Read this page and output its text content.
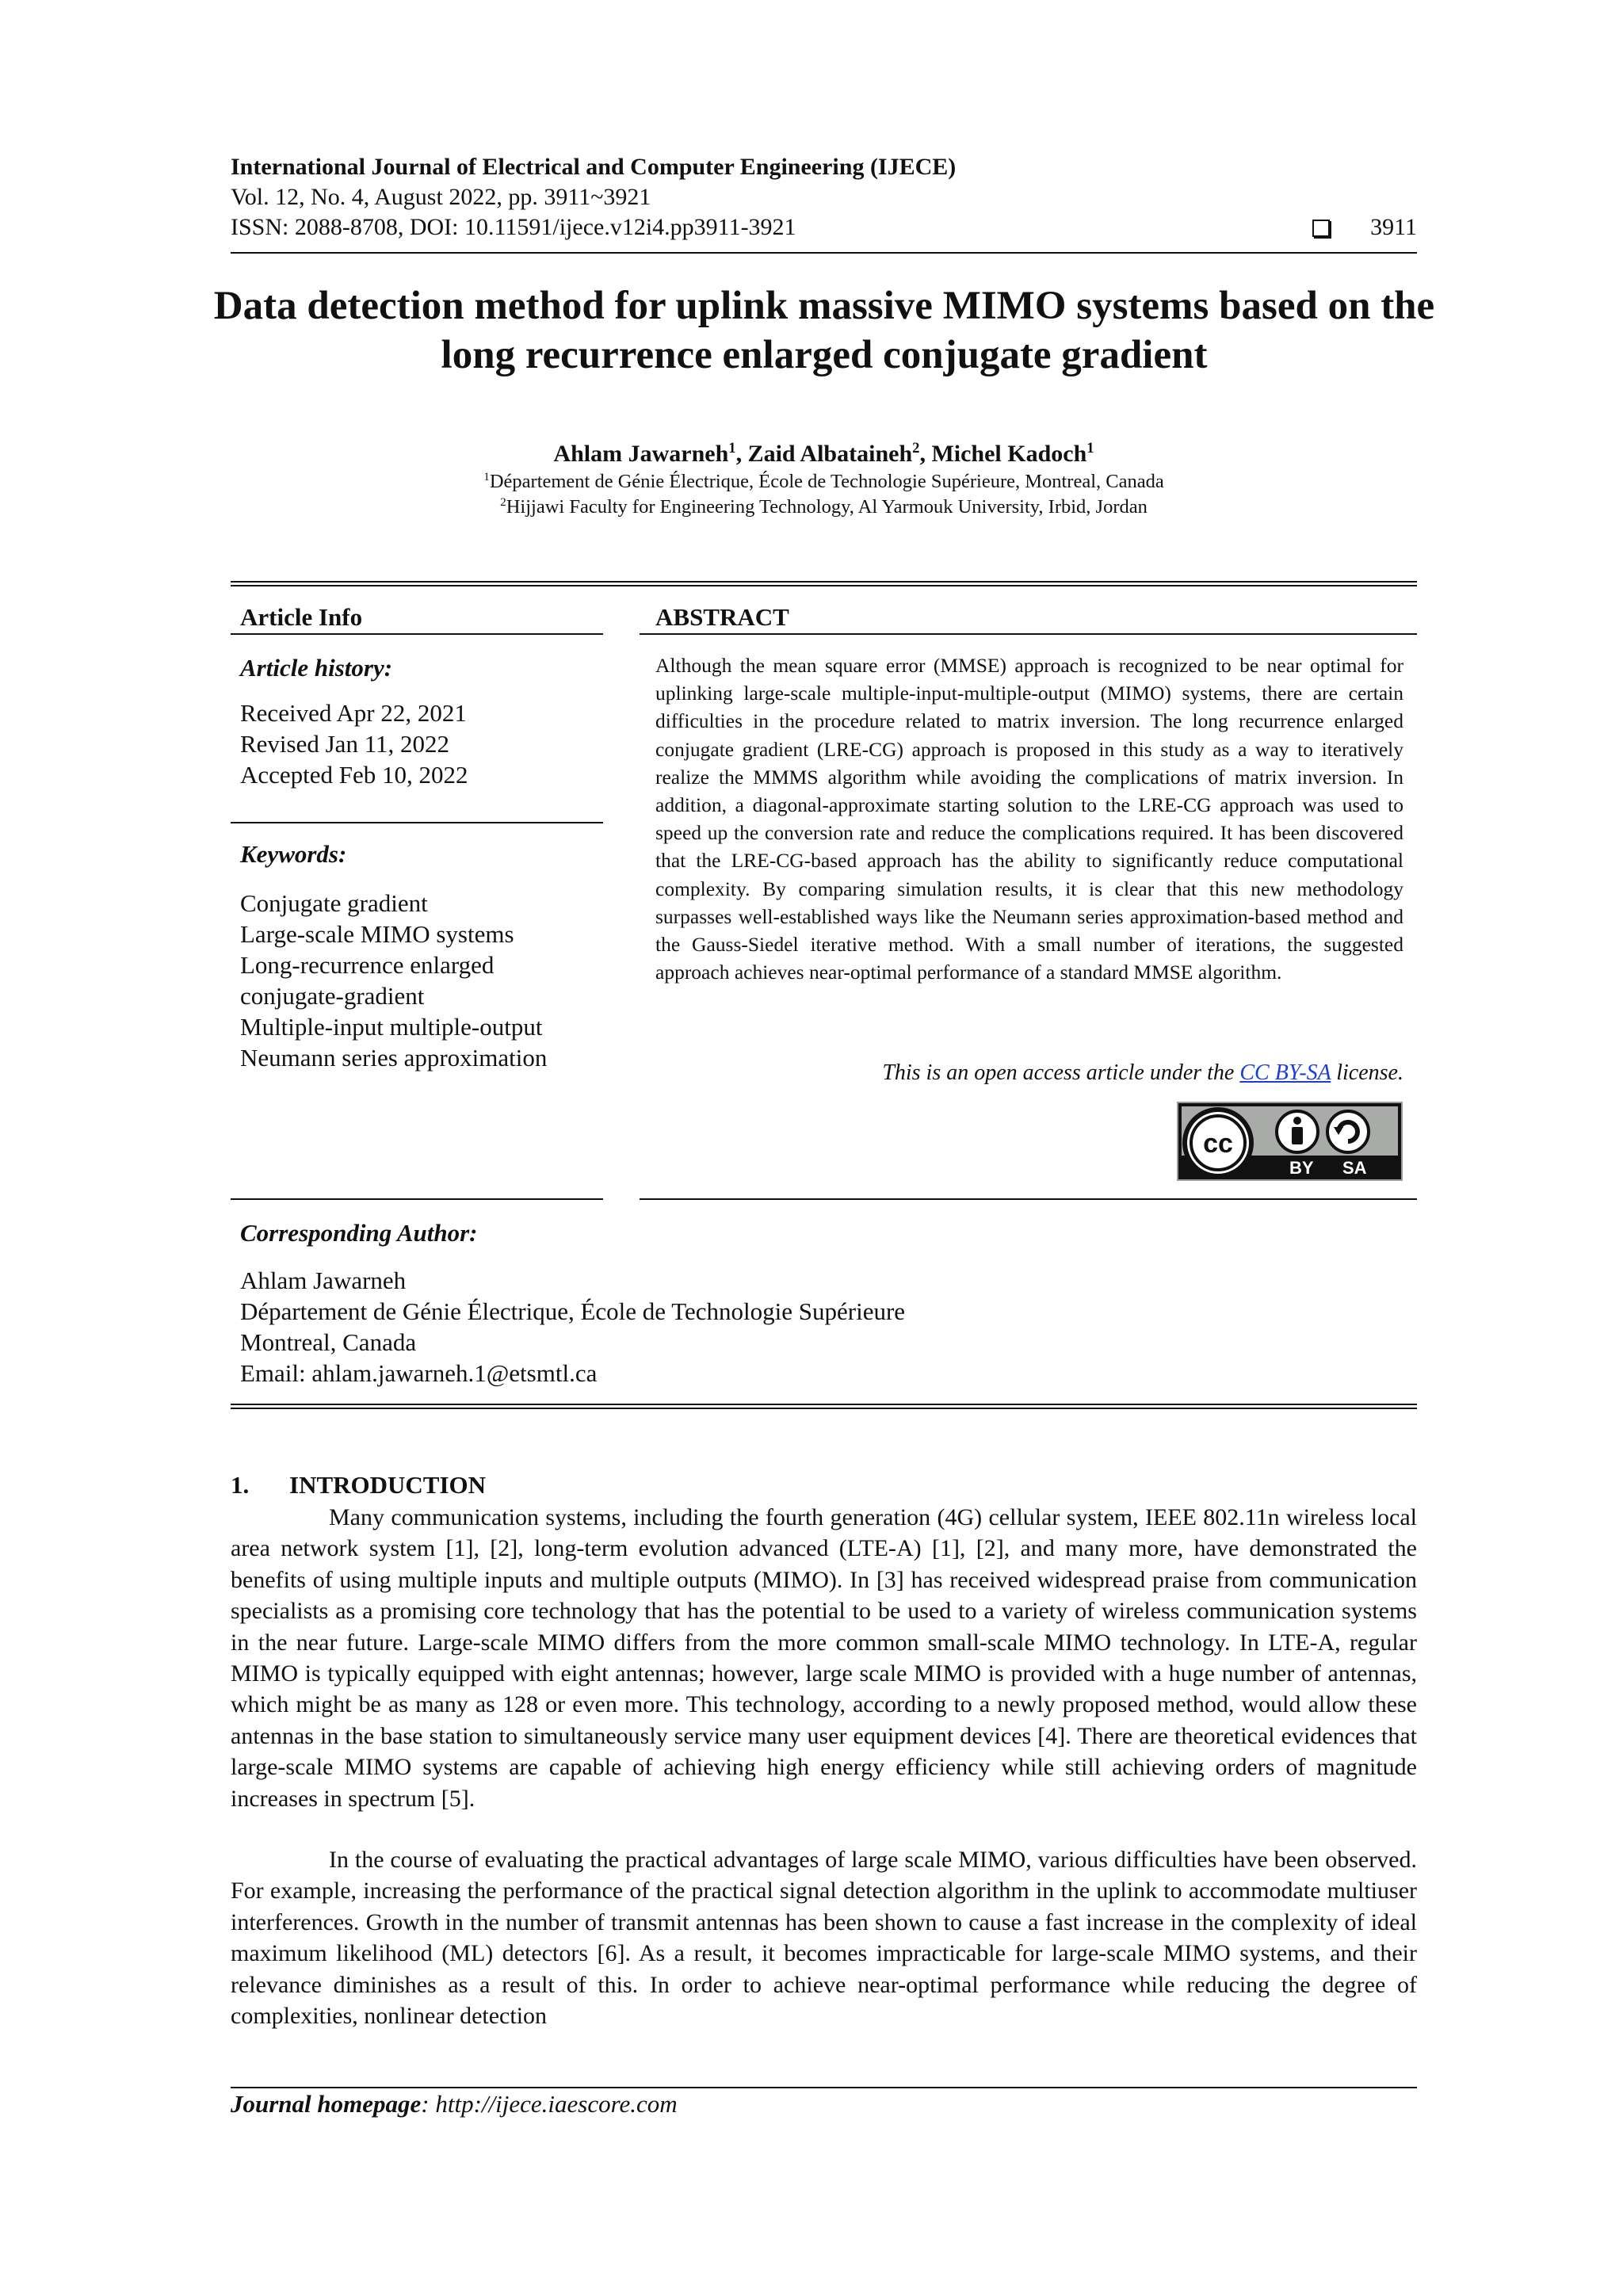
International Journal of Electrical and Computer Engineering (IJECE)
Vol. 12, No. 4, August 2022, pp. 3911~3921
ISSN: 2088-8708, DOI: 10.11591/ijece.v12i4.pp3911-3921	3911
Data detection method for uplink massive MIMO systems based on the long recurrence enlarged conjugate gradient
Ahlam Jawarneh$^1$, Zaid Albataineh$^2$, Michel Kadoch$^1$
$^1$Département de Génie Électrique, École de Technologie Supérieure, Montreal, Canada
$^2$Hijjawi Faculty for Engineering Technology, Al Yarmouk University, Irbid, Jordan
Article Info
Article history:
Received Apr 22, 2021
Revised Jan 11, 2022
Accepted Feb 10, 2022
Keywords:
Conjugate gradient
Large-scale MIMO systems
Long-recurrence enlarged
conjugate-gradient
Multiple-input multiple-output
Neumann series approximation
ABSTRACT
Although the mean square error (MMSE) approach is recognized to be near optimal for uplinking large-scale multiple-input-multiple-output (MIMO) systems, there are certain difficulties in the procedure related to matrix inversion. The long recurrence enlarged conjugate gradient (LRE-CG) approach is proposed in this study as a way to iteratively realize the MMMS algorithm while avoiding the complications of matrix inversion. In addition, a diagonal-approximate starting solution to the LRE-CG approach was used to speed up the conversion rate and reduce the complications required. It has been discovered that the LRE-CG-based approach has the ability to significantly reduce computational complexity. By comparing simulation results, it is clear that this new methodology surpasses well-established ways like the Neumann series approximation-based method and the Gauss-Siedel iterative method. With a small number of iterations, the suggested approach achieves near-optimal performance of a standard MMSE algorithm.
This is an open access article under the CC BY-SA license.
cc
BY SA
Corresponding Author:
Ahlam Jawarneh
Département de Génie Électrique, École de Technologie Supérieure
Montreal, Canada
Email: ahlam.jawarneh.1@etsmtl.ca
1. INTRODUCTION

Many communication systems, including the fourth generation (4G) cellular system, IEEE 802.11n wireless local area network system [1], [2], long-term evolution advanced (LTE-A) [1], [2], and many more, have demonstrated the benefits of using multiple inputs and multiple outputs (MIMO). In [3] has received widespread praise from communication specialists as a promising core technology that has the potential to be used to a variety of wireless communication systems in the near future. Large-scale MIMO differs from the more common small-scale MIMO technology. In LTE-A, regular MIMO is typically equipped with eight antennas; however, large scale MIMO is provided with a huge number of antennas, which might be as many as 128 or even more. This technology, according to a newly proposed method, would allow these antennas in the base station to simultaneously service many user equipment devices [4]. There are theoretical evidences that large-scale MIMO systems are capable of achieving high energy efficiency while still achieving orders of magnitude increases in spectrum [5].

In the course of evaluating the practical advantages of large scale MIMO, various difficulties have been observed. For example, increasing the performance of the practical signal detection algorithm in the uplink to accommodate multiuser interferences. Growth in the number of transmit antennas has been shown to cause a fast increase in the complexity of ideal maximum likelihood (ML) detectors [6]. As a result, it becomes impracticable for large-scale MIMO systems, and their relevance diminishes as a result of this. In order to achieve near-optimal performance while reducing the degree of complexities, nonlinear detection

Journal homepage: http://ijece.iaescore.com
